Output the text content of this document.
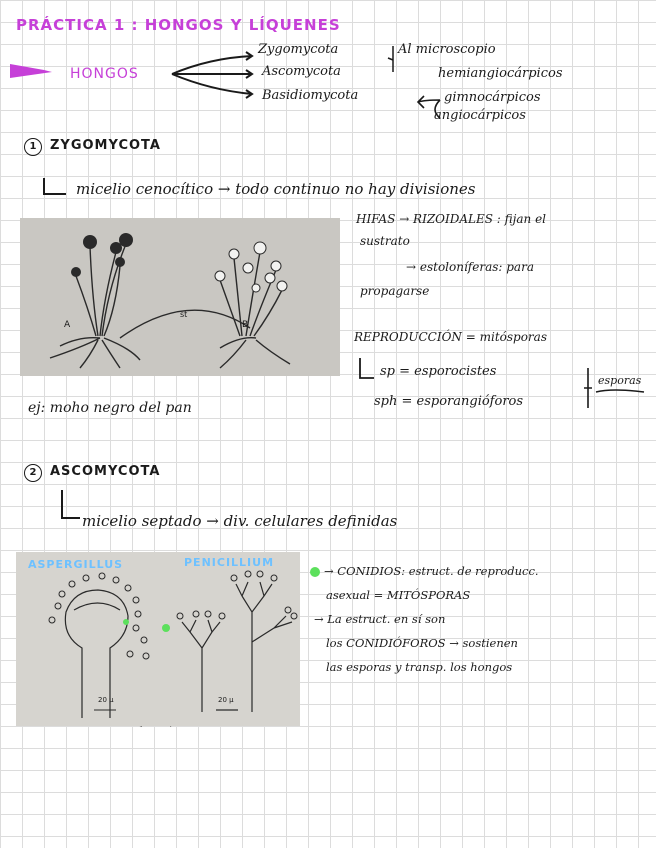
PRÁCTICA 1 : HONGOS Y LÍQUENES
HONGOS
Zygomycota
Ascomycota
Basidiomycota
Al microscopio
hemiangiocárpicos
gimnocárpicos
angiocárpicos
1	ZYGOMYCOTA
micelio cenocítico → todo continuo no hay divisiones
A	B
st
HIFAS → RIZOIDALES : fijan el
sustrato
→ estoloníferas: para
propagarse
REPRODUCCIÓN = mitósporas
sp = esporocistes
sph = esporangióforos
esporas
ej: moho negro del pan
2	ASCOMYCOTA
micelio septado → div. celulares definidas
ASPERGILLUS	PENICILLIUM
20 µ	20 µ
→ CONIDIOS: estruct. de reproducc.
asexual = MITÓSPORAS
→ La estruct. en sí son
los CONIDIÓFOROS → sostienen
las esporas y transp. los hongos
